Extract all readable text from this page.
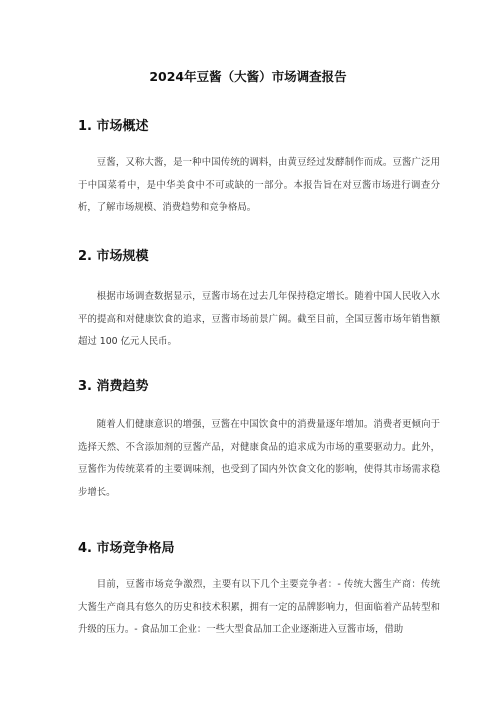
2024年豆酱（大酱）市场调查报告
1. 市场概述

豆酱，又称大酱，是一种中国传统的调料，由黄豆经过发酵制作而成。豆酱广泛用于中国菜肴中，是中华美食中不可或缺的一部分。本报告旨在对豆酱市场进行调查分析，了解市场规模、消费趋势和竞争格局。

2. 市场规模

根据市场调查数据显示，豆酱市场在过去几年保持稳定增长。随着中国人民收入水平的提高和对健康饮食的追求，豆酱市场前景广阔。截至目前，全国豆酱市场年销售额超过 100 亿元人民币。

3. 消费趋势

随着人们健康意识的增强，豆酱在中国饮食中的消费量逐年增加。消费者更倾向于选择天然、不含添加剂的豆酱产品，对健康食品的追求成为市场的重要驱动力。此外，豆酱作为传统菜肴的主要调味剂，也受到了国内外饮食文化的影响，使得其市场需求稳步增长。

4. 市场竞争格局

目前，豆酱市场竞争激烈，主要有以下几个主要竞争者：- 传统大酱生产商：传统大酱生产商具有悠久的历史和技术积累，拥有一定的品牌影响力，但面临着产品转型和升级的压力。- 食品加工企业：一些大型食品加工企业逐渐进入豆酱市场，借助
